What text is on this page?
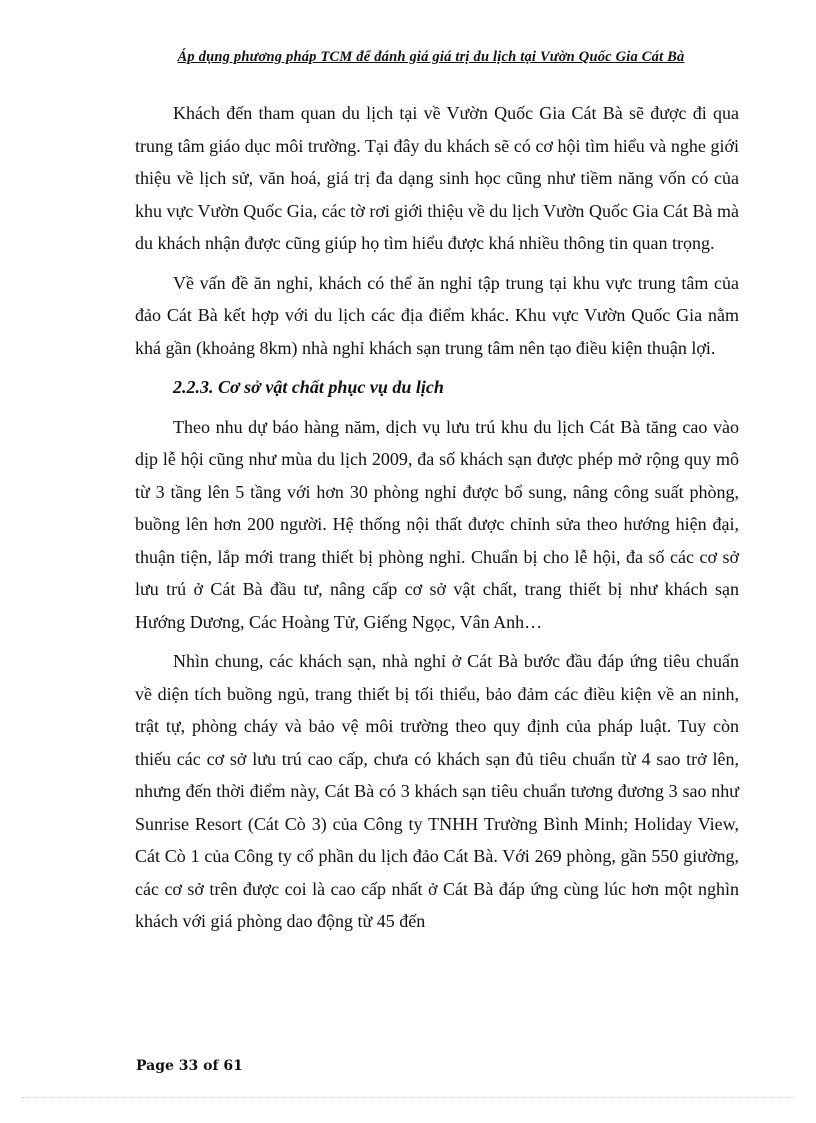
Áp dụng phương pháp TCM để đánh giá giá trị du lịch tại Vườn Quốc Gia Cát Bà

Khách đến tham quan du lịch tại về Vườn Quốc Gia Cát Bà sẽ được đi qua trung tâm giáo dục môi trường. Tại đây du khách sẽ có cơ hội tìm hiểu và nghe giới thiệu về lịch sử, văn hoá, giá trị đa dạng sinh học cũng như tiềm năng vốn có của khu vực Vườn Quốc Gia, các tờ rơi giới thiệu về du lịch Vườn Quốc Gia Cát Bà mà du khách nhận được cũng giúp họ tìm hiểu được khá nhiều thông tin quan trọng.

Về vấn đề ăn nghỉ, khách có thể ăn nghỉ tập trung tại khu vực trung tâm của đảo Cát Bà kết hợp với du lịch các địa điểm khác. Khu vực Vườn Quốc Gia nằm khá gần (khoảng 8km) nhà nghỉ khách sạn trung tâm nên tạo điều kiện thuận lợi.

2.2.3. Cơ sở vật chất phục vụ du lịch

Theo nhu dự báo hàng năm, dịch vụ lưu trú khu du lịch Cát Bà tăng cao vào dịp lễ hội cũng như mùa du lịch 2009, đa số khách sạn được phép mở rộng quy mô từ 3 tầng lên 5 tầng với hơn 30 phòng nghỉ được bổ sung, nâng công suất phòng, buồng lên hơn 200 người. Hệ thống nội thất được chỉnh sửa theo hướng hiện đại, thuận tiện, lắp mới trang thiết bị phòng nghỉ. Chuẩn bị cho lễ hội, đa số các cơ sở lưu trú ở Cát Bà đầu tư, nâng cấp cơ sở vật chất, trang thiết bị như khách sạn Hướng Dương, Các Hoàng Tử, Giếng Ngọc, Vân Anh…

Nhìn chung, các khách sạn, nhà nghỉ ở Cát Bà bước đầu đáp ứng tiêu chuẩn về diện tích buồng ngủ, trang thiết bị tối thiểu, bảo đảm các điều kiện về an ninh, trật tự, phòng cháy và bảo vệ môi trường theo quy định của pháp luật. Tuy còn thiếu các cơ sở lưu trú cao cấp, chưa có khách sạn đủ tiêu chuẩn từ 4 sao trở lên, nhưng đến thời điểm này, Cát Bà có 3 khách sạn tiêu chuẩn tương đương 3 sao như Sunrise Resort (Cát Cò 3) của Công ty TNHH Trường Bình Minh; Holiday View, Cát Cò 1 của Công ty cổ phần du lịch đảo Cát Bà. Với 269 phòng, gần 550 giường, các cơ sở trên được coi là cao cấp nhất ở Cát Bà đáp ứng cùng lúc hơn một nghìn khách với giá phòng dao động từ 45 đến

Page 33 of 61
